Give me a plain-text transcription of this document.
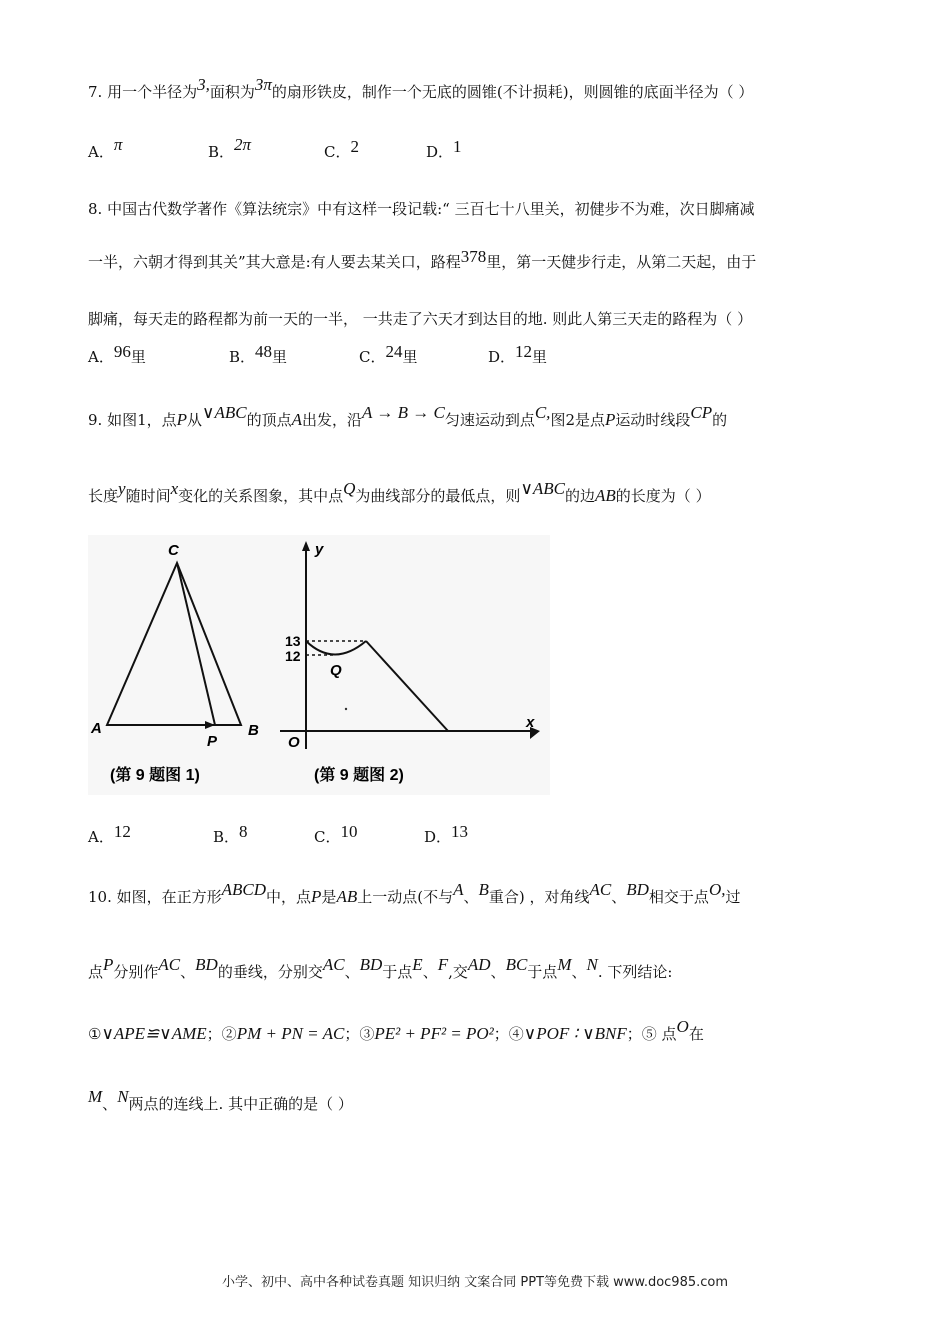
7. 用一个半径为3,面积为3π的扇形铁皮，制作一个无底的圆锥(不计损耗)，则圆锥的底面半径为（ ）
A．π	B．2π	C．2	D．1
8. 中国古代数学著作《算法统宗》中有这样一段记载:“ 三百七十八里关，初健步不为难，次日脚痛减
一半，六朝才得到其关”其大意是:有人要去某关口，路程378里，第一天健步行走，从第二天起，由于
脚痛，每天走的路程都为前一天的一半， 一共走了六天才到达目的地. 则此人第三天走的路程为（ ）
A．96里	B．48里	C．24里	D．12里
9. 如图1，点P从∨ABC的顶点A出发，沿A → B → C匀速运动到点C,图2是点P运动时线段CP的
长度y随时间x变化的关系图象，其中点Q为曲线部分的最低点，则∨ABC的边AB的长度为（ ）
C
A	B
P
(第 9 题图 1)
y
x
O
Q
13
12
(第 9 题图 2)
A．12	B．8	C．10	D．13
10. 如图，在正方形ABCD中，点P是AB上一动点(不与A、B重合) ，对角线AC、BD相交于点O,过
点P分别作AC、BD的垂线，分别交AC、BD于点E、F,交AD、BC于点M、N. 下列结论:
①∨APE≌∨AME；②PM + PN = AC；③PE² + PF² = PO²；④∨POF ∶ ∨BNF；⑤ 点O在
M、N两点的连线上. 其中正确的是（ ）
小学、初中、高中各种试卷真题 知识归纳 文案合同 PPT等免费下载 www.doc985.com
